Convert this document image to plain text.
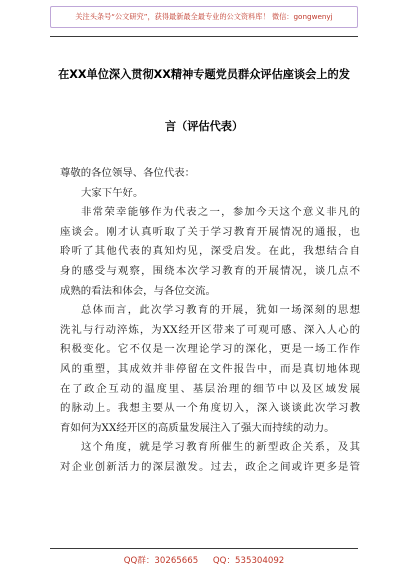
关注头条号“公文研究”，获得最新最全最专业的公文资料库！ 微信：gongwenyj
在XX单位深入贯彻XX精神专题党员群众评估座谈会上的发
言（评估代表）
尊敬的各位领导、各位代表：
大家下午好。
非常荣幸能够作为代表之一，参加今天这个意义非凡的
座谈会。刚才认真听取了关于学习教育开展情况的通报，也
聆听了其他代表的真知灼见，深受启发。在此，我想结合自
身的感受与观察，围绕本次学习教育的开展情况，谈几点不
成熟的看法和体会，与各位交流。
总体而言，此次学习教育的开展，犹如一场深刻的思想
洗礼与行动淬炼，为XX经开区带来了可观可感、深入人心的
积极变化。它不仅是一次理论学习的深化，更是一场工作作
风的重塑，其成效并非停留在文件报告中，而是真切地体现
在了政企互动的温度里、基层治理的细节中以及区域发展
的脉动上。我想主要从一个角度切入，深入谈谈此次学习教
育如何为XX经开区的高质量发展注入了强大而持续的动力。
这个角度，就是学习教育所催生的新型政企关系，及其
对企业创新活力的深层激发。过去，政企之间或许更多是管
QQ群：30265665 QQ：535304092
